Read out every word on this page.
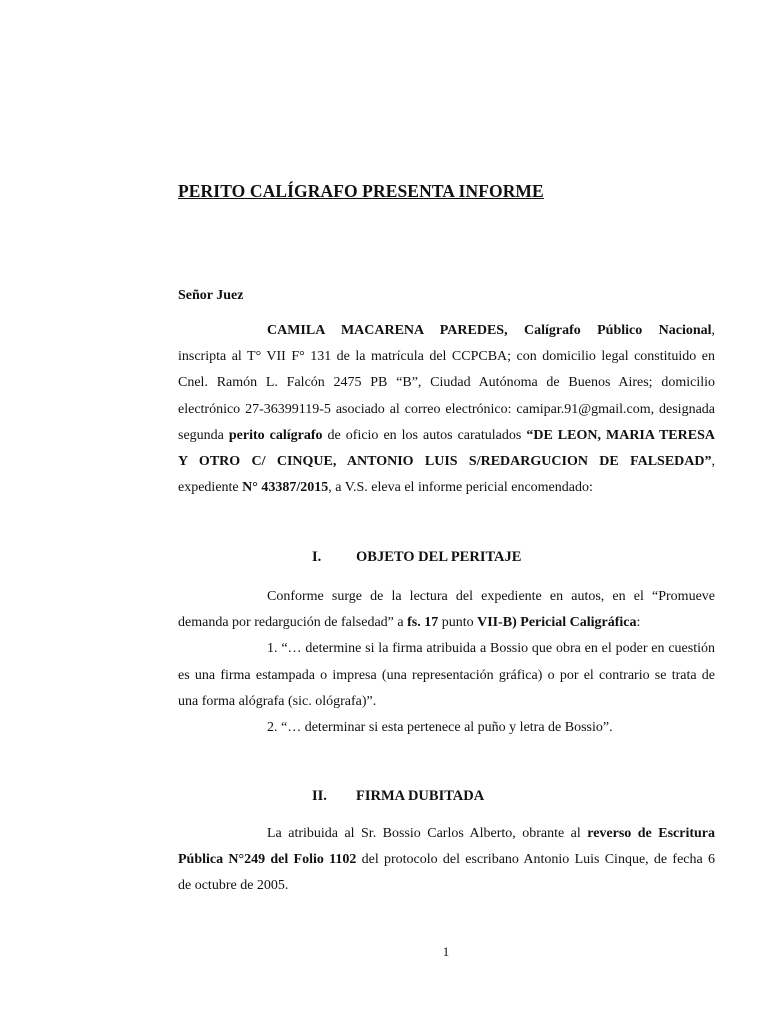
PERITO CALÍGRAFO PRESENTA INFORME
Señor Juez
CAMILA MACARENA PAREDES, Calígrafo Público Nacional,
inscripta al T° VII F° 131 de la matrícula del CCPCBA; con domicilio legal constituido en
Cnel. Ramón L. Falcón 2475 PB “B”, Ciudad Autónoma de Buenos Aires; domicilio
electrónico 27-36399119-5 asociado al correo electrónico: camipar.91@gmail.com, designada
segunda perito calígrafo de oficio en los autos caratulados “DE LEON, MARIA TERESA
Y OTRO C/ CINQUE, ANTONIO LUIS S/REDARGUCION DE FALSEDAD”,
expediente N° 43387/2015, a V.S. eleva el informe pericial encomendado:
I. OBJETO DEL PERITAJE
Conforme surge de la lectura del expediente en autos, en el “Promueve
demanda por redargución de falsedad” a fs. 17 punto VII-B) Pericial Caligráfica:
1. “… determine si la firma atribuida a Bossio que obra en el poder en cuestión
es una firma estampada o impresa (una representación gráfica) o por el contrario se trata de
una forma alógrafa (sic. ológrafa)”.
2. “… determinar si esta pertenece al puño y letra de Bossio”.
II. FIRMA DUBITADA
La atribuida al Sr. Bossio Carlos Alberto, obrante al reverso de Escritura
Pública N°249 del Folio 1102 del protocolo del escribano Antonio Luis Cinque, de fecha 6
de octubre de 2005.
1
